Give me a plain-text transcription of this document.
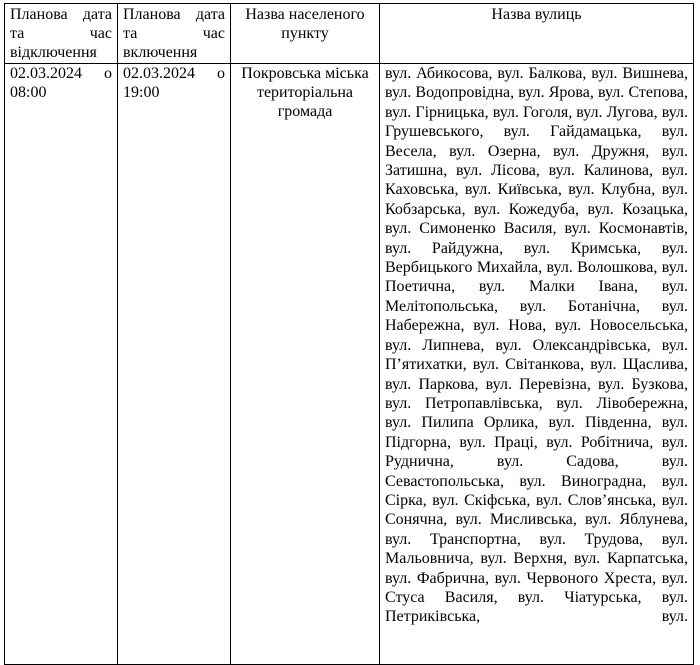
Планова дата та час відключення	Планова дата та час включення	Назва населеного пункту	Назва вулиць
02.03.2024 о 08:00	02.03.2024 о 19:00	Покровська міська територіальна громада	вул. Абикосова, вул. Балкова, вул. Вишнева, вул. Водопровідна, вул. Ярова, вул. Степова, вул. Гірницька, вул. Гоголя, вул. Лугова, вул. Грушевського, вул. Гайдамацька, вул. Весела, вул. Озерна, вул. Дружня, вул. Затишна, вул. Лісова, вул. Калинова, вул. Каховська, вул. Київська, вул. Клубна, вул. Кобзарська, вул. Кожедуба, вул. Козацька, вул. Симоненко Василя, вул. Космонавтів, вул. Райдужна, вул. Кримська, вул. Вербицького Михайла, вул. Волошкова, вул. Поетична, вул. Малки Івана, вул. Мелітопольська, вул. Ботанічна, вул. Набережна, вул. Нова, вул. Новосельська, вул. Липнева, вул. Олександрівська, вул. П’ятихатки, вул. Світанкова, вул. Щаслива, вул. Паркова, вул. Перевізна, вул. Бузкова, вул. Петропавлівська, вул. Лівобережна, вул. Пилипа Орлика, вул. Південна, вул. Підгорна, вул. Праці, вул. Робітнича, вул. Руднична, вул. Садова, вул. Севастопольська, вул. Виноградна, вул. Сірка, вул. Скіфська, вул. Слов’янська, вул. Сонячна, вул. Мисливська, вул. Яблунева, вул. Транспортна, вул. Трудова, вул. Мальовнича, вул. Верхня, вул. Карпатська, вул. Фабрична, вул. Червоного Хреста, вул. Стуса Василя, вул. Чіатурська, вул. Петриківська, вул.
